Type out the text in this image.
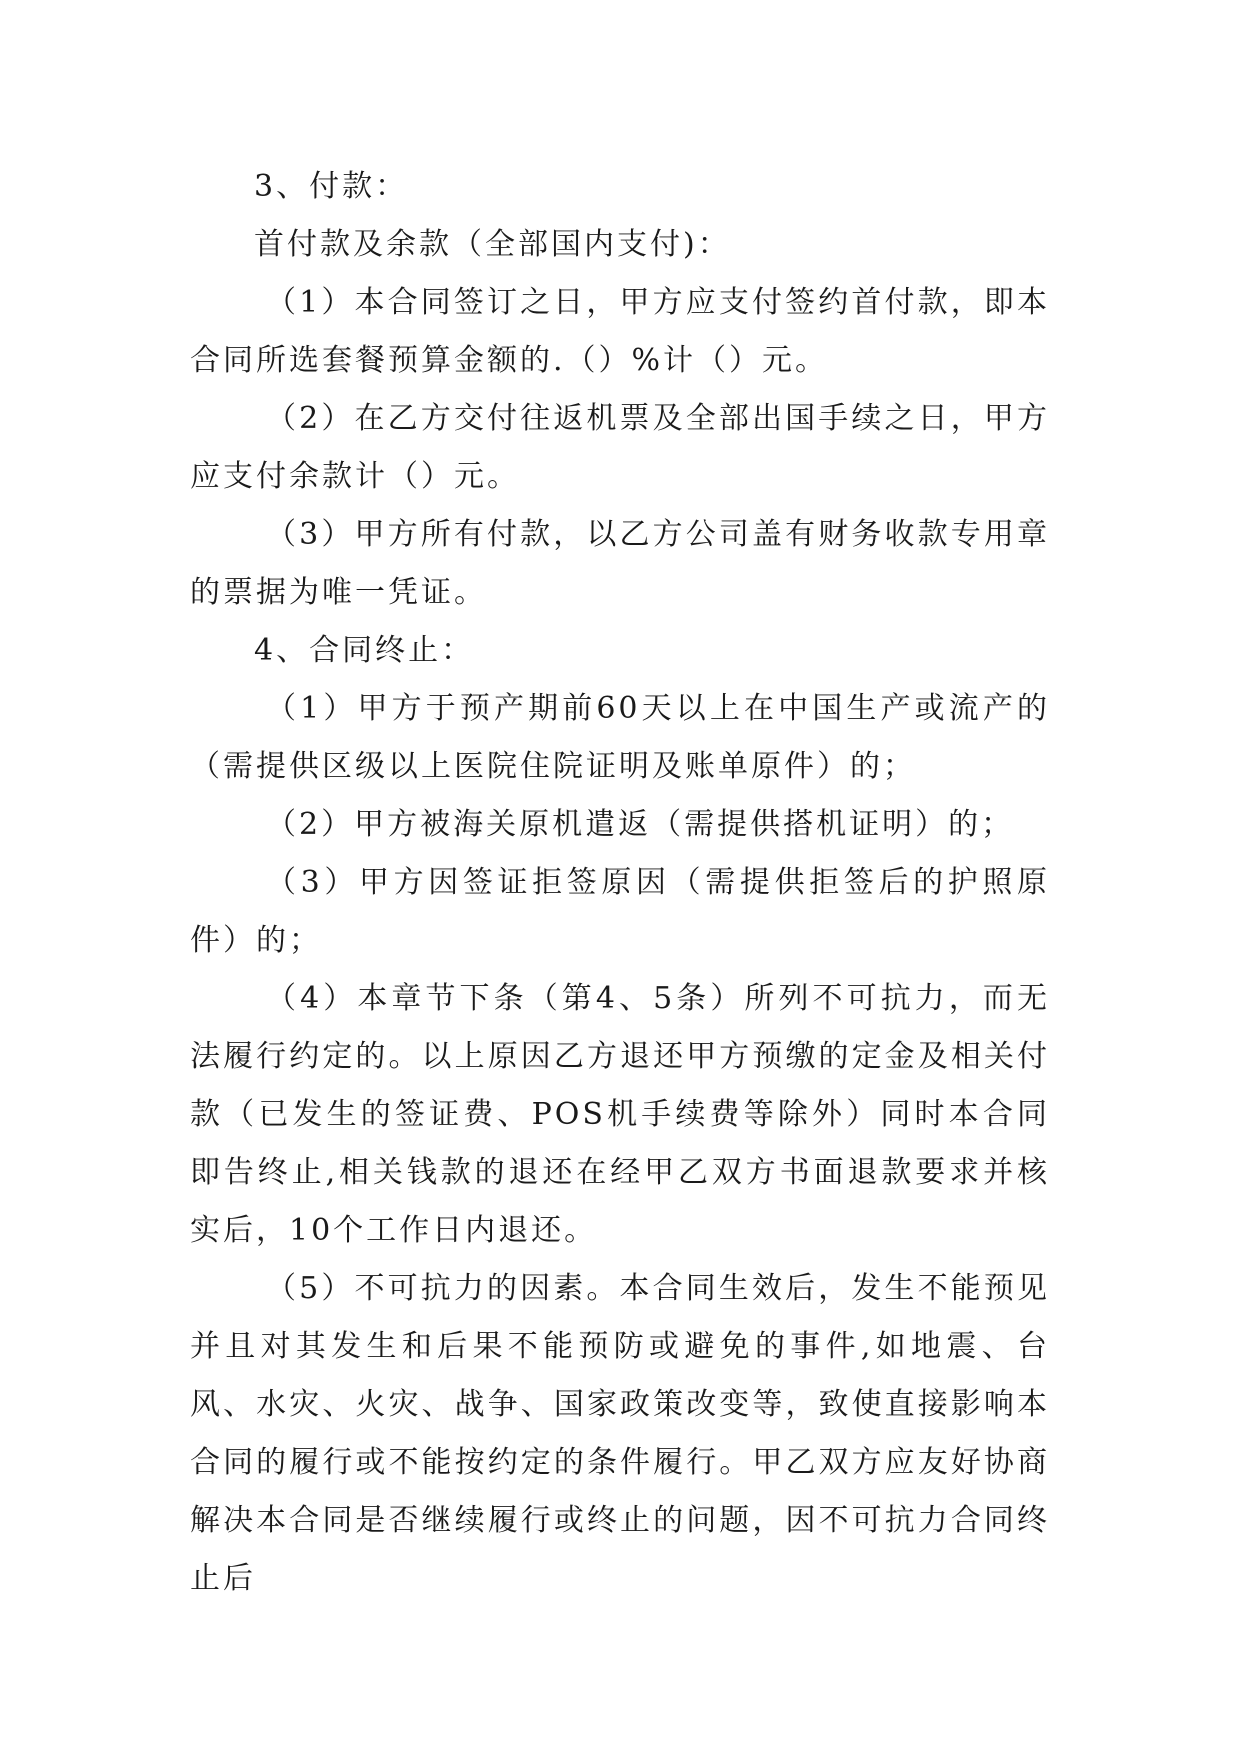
3、付款：

首付款及余款（全部国内支付)：

（1）本合同签订之日，甲方应支付签约首付款，即本合同所选套餐预算金额的.（）%计（）元。

（2）在乙方交付往返机票及全部出国手续之日，甲方应支付余款计（）元。

（3）甲方所有付款，以乙方公司盖有财务收款专用章的票据为唯一凭证。

4、合同终止：

（1）甲方于预产期前60天以上在中国生产或流产的（需提供区级以上医院住院证明及账单原件）的；

（2）甲方被海关原机遣返（需提供搭机证明）的；

（3）甲方因签证拒签原因（需提供拒签后的护照原件）的；

（4）本章节下条（第4、5条）所列不可抗力，而无法履行约定的。以上原因乙方退还甲方预缴的定金及相关付款（已发生的签证费、POS机手续费等除外）同时本合同即告终止,相关钱款的退还在经甲乙双方书面退款要求并核实后，10个工作日内退还。

（5）不可抗力的因素。本合同生效后，发生不能预见并且对其发生和后果不能预防或避免的事件,如地震、台风、水灾、火灾、战争、国家政策改变等，致使直接影响本合同的履行或不能按约定的条件履行。甲乙双方应友好协商解决本合同是否继续履行或终止的问题，因不可抗力合同终止后
